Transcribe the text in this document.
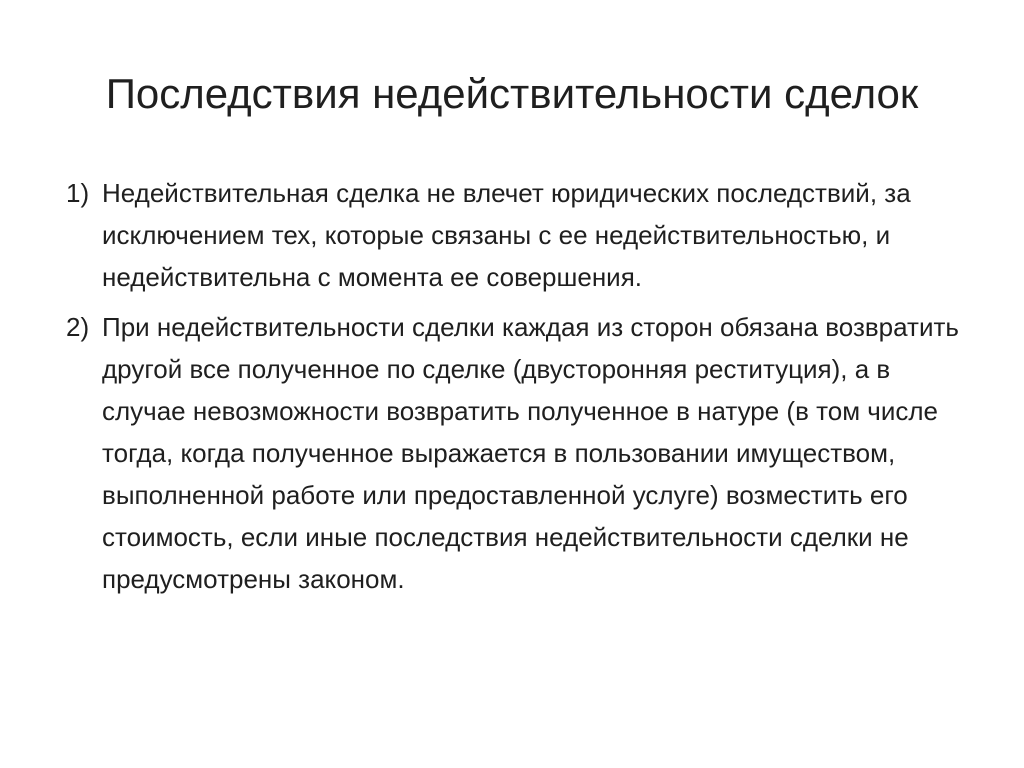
Последствия недействительности сделок
1) Недействительная сделка не влечет юридических последствий, за исключением тех, которые связаны с ее недействительностью, и недействительна с момента ее совершения.
2) При недействительности сделки каждая из сторон обязана возвратить другой все полученное по сделке (двусторонняя реституция), а в случае невозможности возвратить полученное в натуре (в том числе тогда, когда полученное выражается в пользовании имуществом, выполненной работе или предоставленной услуге) возместить его стоимость, если иные последствия недействительности сделки не предусмотрены законом.
